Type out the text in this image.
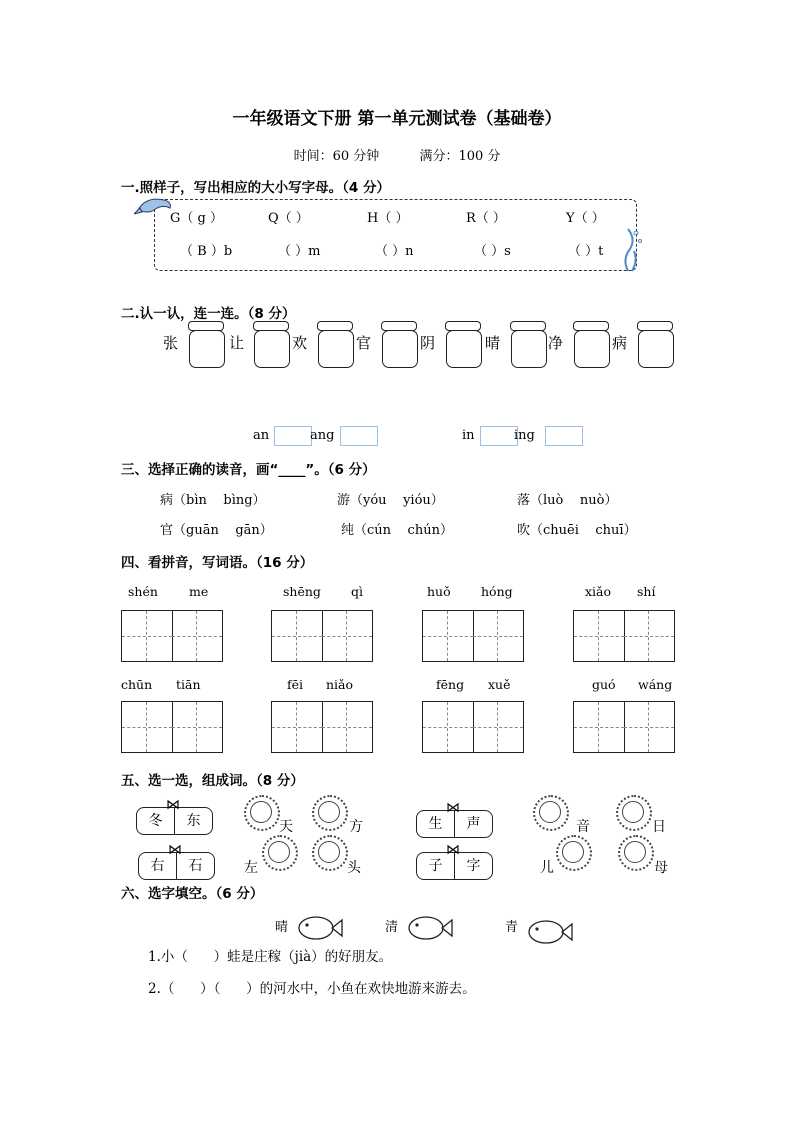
一年级语文下册 第一单元测试卷（基础卷）
时间：60 分钟	满分：100 分
一.照样子，写出相应的大小写字母。（4 分）
G（ g ）	Q（ ）	H（ ）	R（ ）	Y（ ）
（ B ）b	（ ）m	（ ）n	（ ）s	（ ）t
二.认一认，连一连。（8 分）
张	让	欢	官	阴	晴	净	病
an	ang	in	ing
三、选择正确的读音，画“____”。（6 分）
病（bìn    bìng）	游（yóu    yióu）	落（luò    nuò）
官（guān    gān）	纯（cún    chún）	吹（chuēi    chuī）
四、看拼音，写词语。（16 分）
shén me	shēng qì	huǒ hóng	xiǎo shí
chūn tiān	fēi niǎo	fēng xuě	guó wáng
五、选一选，组成词。（8 分）
冬	东
⋈
生	声
⋈
右	石
⋈
子	字
⋈
天	方	音	日
左	头	儿	母
六、选字填空。（6 分）
晴	清	青
1.小（      ）蛙是庄稼（jià）的好朋友。
2.（      ）（      ）的河水中，小鱼在欢快地游来游去。
